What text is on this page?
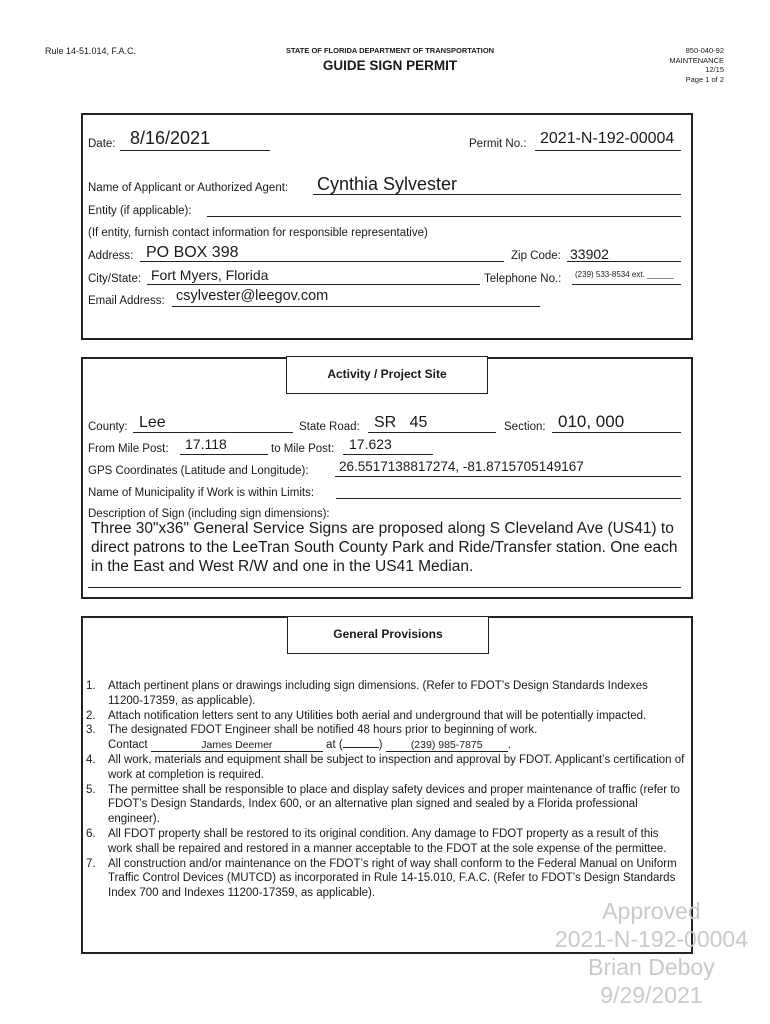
Rule 14-51.014, F.A.C.	STATE OF FLORIDA DEPARTMENT OF TRANSPORTATION
GUIDE SIGN PERMIT
850-040-92
MAINTENANCE
12/15
Page 1 of 2
Date: 8/16/2021	Permit No.: 2021-N-192-00004
Name of Applicant or Authorized Agent: Cynthia Sylvester
Entity (if applicable):
(If entity, furnish contact information for responsible representative)
Address: PO BOX 398	Zip Code: 33902
City/State: Fort Myers, Florida	Telephone No.: (239) 533-8534 ext. ______
Email Address: csylvester@leegov.com
Activity / Project Site
County: Lee	State Road: SR   45	Section: 010, 000
From Mile Post: 17.118	to Mile Post: 17.623
GPS Coordinates (Latitude and Longitude): 26.5517138817274, -81.8715705149167
Name of Municipality if Work is within Limits:
Description of Sign (including sign dimensions):
Three 30"x36" General Service Signs are proposed along S Cleveland Ave (US41) to direct patrons to the LeeTran South County Park and Ride/Transfer station. One each in the East and West R/W and one in the US41 Median.
General Provisions
1.	Attach pertinent plans or drawings including sign dimensions. (Refer to FDOT’s Design Standards Indexes 11200-17359, as applicable).
2.	Attach notification letters sent to any Utilities both aerial and underground that will be potentially impacted.
3.	The designated FDOT Engineer shall be notified 48 hours prior to beginning of work.
Contact	James Deemer	at (	)	(239) 985-7875 .
4.	All work, materials and equipment shall be subject to inspection and approval by FDOT. Applicant’s certification of work at completion is required.
5.	The permittee shall be responsible to place and display safety devices and proper maintenance of traffic (refer to FDOT’s Design Standards, Index 600, or an alternative plan signed and sealed by a Florida professional engineer).
6.	All FDOT property shall be restored to its original condition. Any damage to FDOT property as a result of this work shall be repaired and restored in a manner acceptable to the FDOT at the sole expense of the permittee.
7.	All construction and/or maintenance on the FDOT’s right of way shall conform to the Federal Manual on Uniform Traffic Control Devices (MUTCD) as incorporated in Rule 14-15.010, F.A.C. (Refer to FDOT’s Design Standards Index 700 and Indexes 11200-17359, as applicable).
Approved
2021-N-192-00004
Brian Deboy
9/29/2021
